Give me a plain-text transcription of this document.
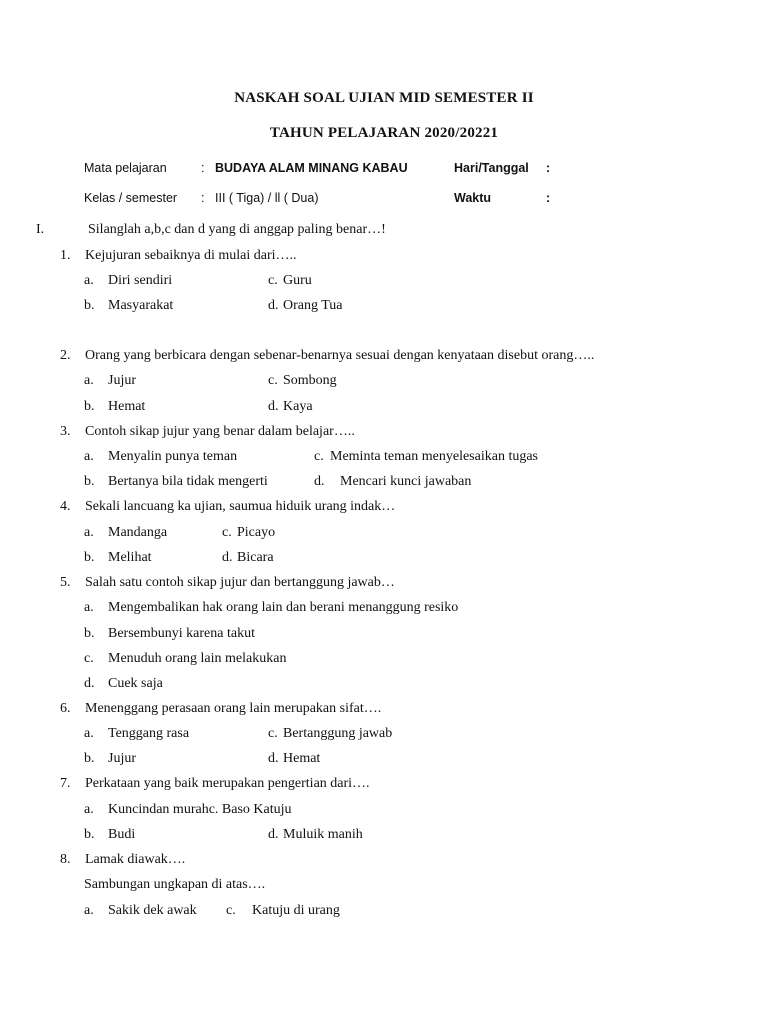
NASKAH SOAL UJIAN MID SEMESTER II
TAHUN PELAJARAN 2020/20221
Mata pelajaran	: BUDAYA ALAM MINANG KABAU	Hari/Tanggal :
Kelas / semester : III ( Tiga) / ll ( Dua)	Waktu	:
I.	Silanglah a,b,c dan d yang di anggap paling benar…!
1. Kejujuran sebaiknya di mulai dari…..
a. Diri sendiri	c. Guru
b. Masyarakat	d. Orang Tua
2. Orang yang berbicara dengan sebenar-benarnya sesuai dengan kenyataan disebut orang…..
a. Jujur	c. Sombong
b. Hemat	d. Kaya
3. Contoh sikap jujur yang benar dalam belajar…..
a. Menyalin punya teman	c. Meminta teman menyelesaikan tugas
b. Bertanya bila tidak mengerti	d. Mencari kunci jawaban
4. Sekali lancuang ka ujian, saumua hiduik urang indak…
a. Mandanga	c. Picayo
b. Melihat	d. Bicara
5. Salah satu contoh sikap jujur dan bertanggung jawab…
a. Mengembalikan hak orang lain dan berani menanggung resiko
b. Bersembunyi karena takut
c. Menuduh orang lain melakukan
d. Cuek saja
6. Menenggang perasaan orang lain merupakan sifat….
a. Tenggang rasa	c. Bertanggung jawab
b. Jujur	d. Hemat
7. Perkataan yang baik merupakan pengertian dari….
a. Kuncindan murahc. Baso Katuju
b. Budi	d. Muluik manih
8. Lamak diawak….
Sambungan ungkapan di atas….
a. Sakik dek awak c. Katuju di urang
